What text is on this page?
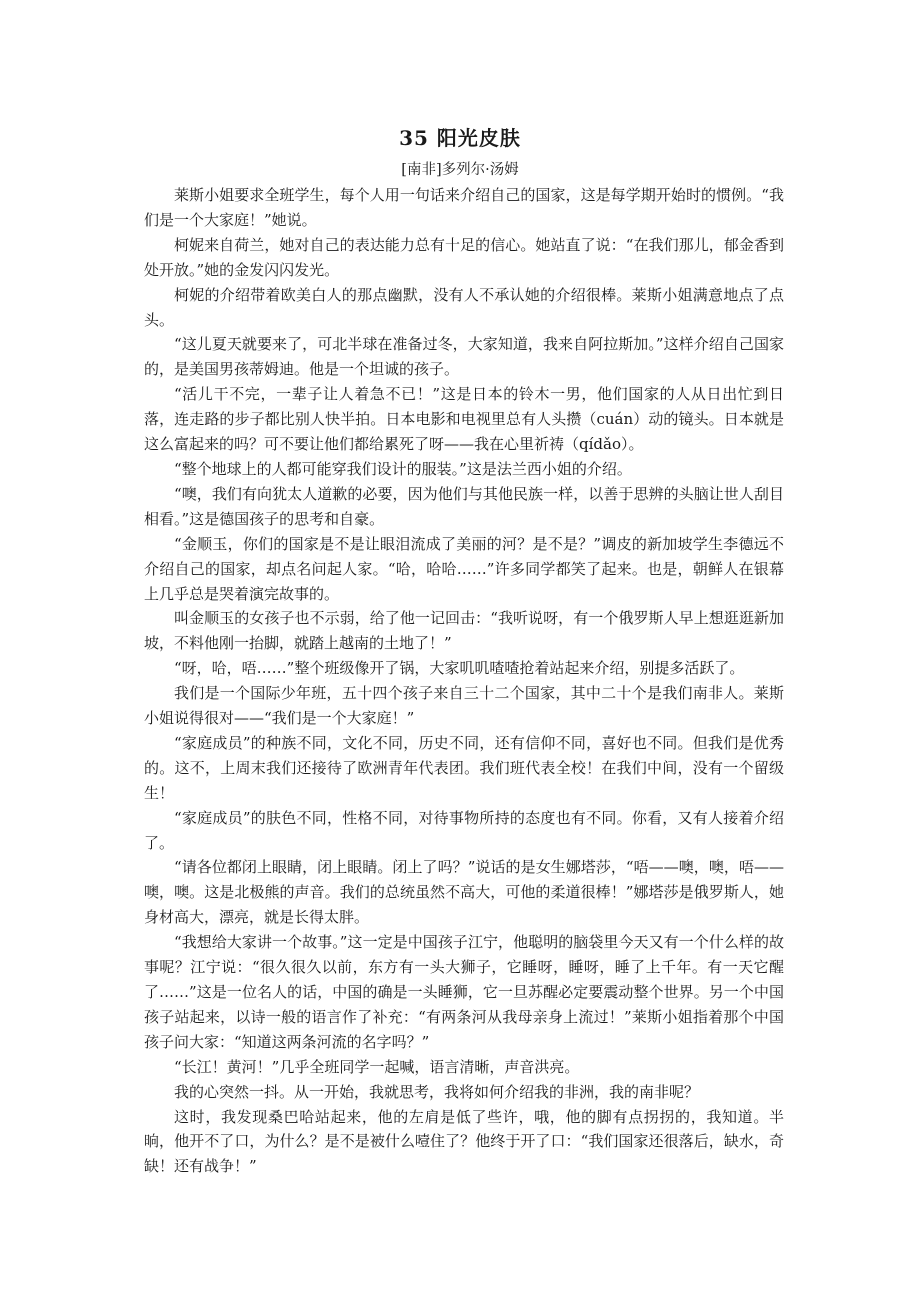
35 阳光皮肤
[南非]多列尔·汤姆

莱斯小姐要求全班学生，每个人用一句话来介绍自己的国家，这是每学期开始时的惯例。“我们是一个大家庭！”她说。

柯妮来自荷兰，她对自己的表达能力总有十足的信心。她站直了说：“在我们那儿，郁金香到处开放。”她的金发闪闪发光。

柯妮的介绍带着欧美白人的那点幽默，没有人不承认她的介绍很棒。莱斯小姐满意地点了点头。

“这儿夏天就要来了，可北半球在准备过冬，大家知道，我来自阿拉斯加。”这样介绍自己国家的，是美国男孩蒂姆迪。他是一个坦诚的孩子。

“活儿干不完，一辈子让人着急不已！”这是日本的铃木一男，他们国家的人从日出忙到日落，连走路的步子都比别人快半拍。日本电影和电视里总有人头攒（cuán）动的镜头。日本就是这么富起来的吗？可不要让他们都给累死了呀——我在心里祈祷（qídǎo）。

“整个地球上的人都可能穿我们设计的服装。”这是法兰西小姐的介绍。

“噢，我们有向犹太人道歉的必要，因为他们与其他民族一样，以善于思辨的头脑让世人刮目相看。”这是德国孩子的思考和自豪。

“金顺玉，你们的国家是不是让眼泪流成了美丽的河？是不是？”调皮的新加坡学生李德远不介绍自己的国家，却点名问起人家。“哈，哈哈……”许多同学都笑了起来。也是，朝鲜人在银幕上几乎总是哭着演完故事的。

叫金顺玉的女孩子也不示弱，给了他一记回击：“我听说呀，有一个俄罗斯人早上想逛逛新加坡，不料他刚一抬脚，就踏上越南的土地了！”

“呀，哈，唔……”整个班级像开了锅，大家叽叽喳喳抢着站起来介绍，别提多活跃了。

我们是一个国际少年班，五十四个孩子来自三十二个国家，其中二十个是我们南非人。莱斯小姐说得很对——“我们是一个大家庭！”

“家庭成员”的种族不同，文化不同，历史不同，还有信仰不同，喜好也不同。但我们是优秀的。这不，上周末我们还接待了欧洲青年代表团。我们班代表全校！在我们中间，没有一个留级生！

“家庭成员”的肤色不同，性格不同，对待事物所持的态度也有不同。你看，又有人接着介绍了。

“请各位都闭上眼睛，闭上眼睛。闭上了吗？”说话的是女生娜塔莎，“唔——噢，噢，唔——噢，噢。这是北极熊的声音。我们的总统虽然不高大，可他的柔道很棒！”娜塔莎是俄罗斯人，她身材高大，漂亮，就是长得太胖。

“我想给大家讲一个故事。”这一定是中国孩子江宁，他聪明的脑袋里今天又有一个什么样的故事呢？江宁说：“很久很久以前，东方有一头大狮子，它睡呀，睡呀，睡了上千年。有一天它醒了……”这是一位名人的话，中国的确是一头睡狮，它一旦苏醒必定要震动整个世界。另一个中国孩子站起来，以诗一般的语言作了补充：“有两条河从我母亲身上流过！”莱斯小姐指着那个中国孩子问大家：“知道这两条河流的名字吗？”

“长江！黄河！”几乎全班同学一起喊，语言清晰，声音洪亮。

我的心突然一抖。从一开始，我就思考，我将如何介绍我的非洲，我的南非呢？

这时，我发现桑巴哈站起来，他的左肩是低了些许，哦，他的脚有点拐拐的，我知道。半晌，他开不了口，为什么？是不是被什么噎住了？他终于开了口：“我们国家还很落后，缺水，奇缺！还有战争！”
